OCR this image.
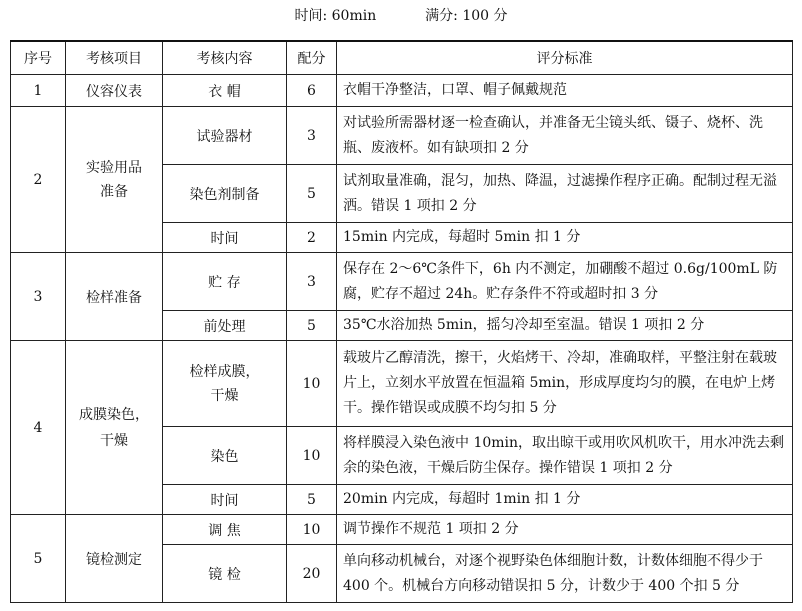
时间: 60min	满分: 100 分
序号	考核项目	考核内容	配分	评分标准
1	仪容仪表	衣 帽	6	衣帽干净整洁，口罩、帽子佩戴规范
2	实验用品准备	试验器材	3	对试验所需器材逐一检查确认，并准备无尘镜头纸、镊子、烧杯、洗瓶、废液杯。如有缺项扣 2 分
		染色剂制备	5	试剂取量准确，混匀，加热、降温，过滤操作程序正确。配制过程无溢洒。错误 1 项扣 2 分
		时间	2	15min 内完成，每超时 5min 扣 1 分
3	检样准备	贮 存	3	保存在 2～6℃条件下，6h 内不测定，加硼酸不超过 0.6g/100mL 防腐，贮存不超过 24h。贮存条件不符或超时扣 3 分
		前处理	5	35℃水浴加热 5min，摇匀冷却至室温。错误 1 项扣 2 分
4	成膜染色，干燥	检样成膜，干燥	10	载玻片乙醇清洗，擦干，火焰烤干、冷却，准确取样，平整注射在载玻片上，立刻水平放置在恒温箱 5min，形成厚度均匀的膜，在电炉上烤干。操作错误或成膜不均匀扣 5 分
		染色	10	将样膜浸入染色液中 10min，取出晾干或用吹风机吹干，用水冲洗去剩余的染色液，干燥后防尘保存。操作错误 1 项扣 2 分
		时间	5	20min 内完成，每超时 1min 扣 1 分
5	镜检测定	调 焦	10	调节操作不规范 1 项扣 2 分
		镜 检	20	单向移动机械台，对逐个视野染色体细胞计数，计数体细胞不得少于 400 个。机械台方向移动错误扣 5 分，计数少于 400 个扣 5 分
